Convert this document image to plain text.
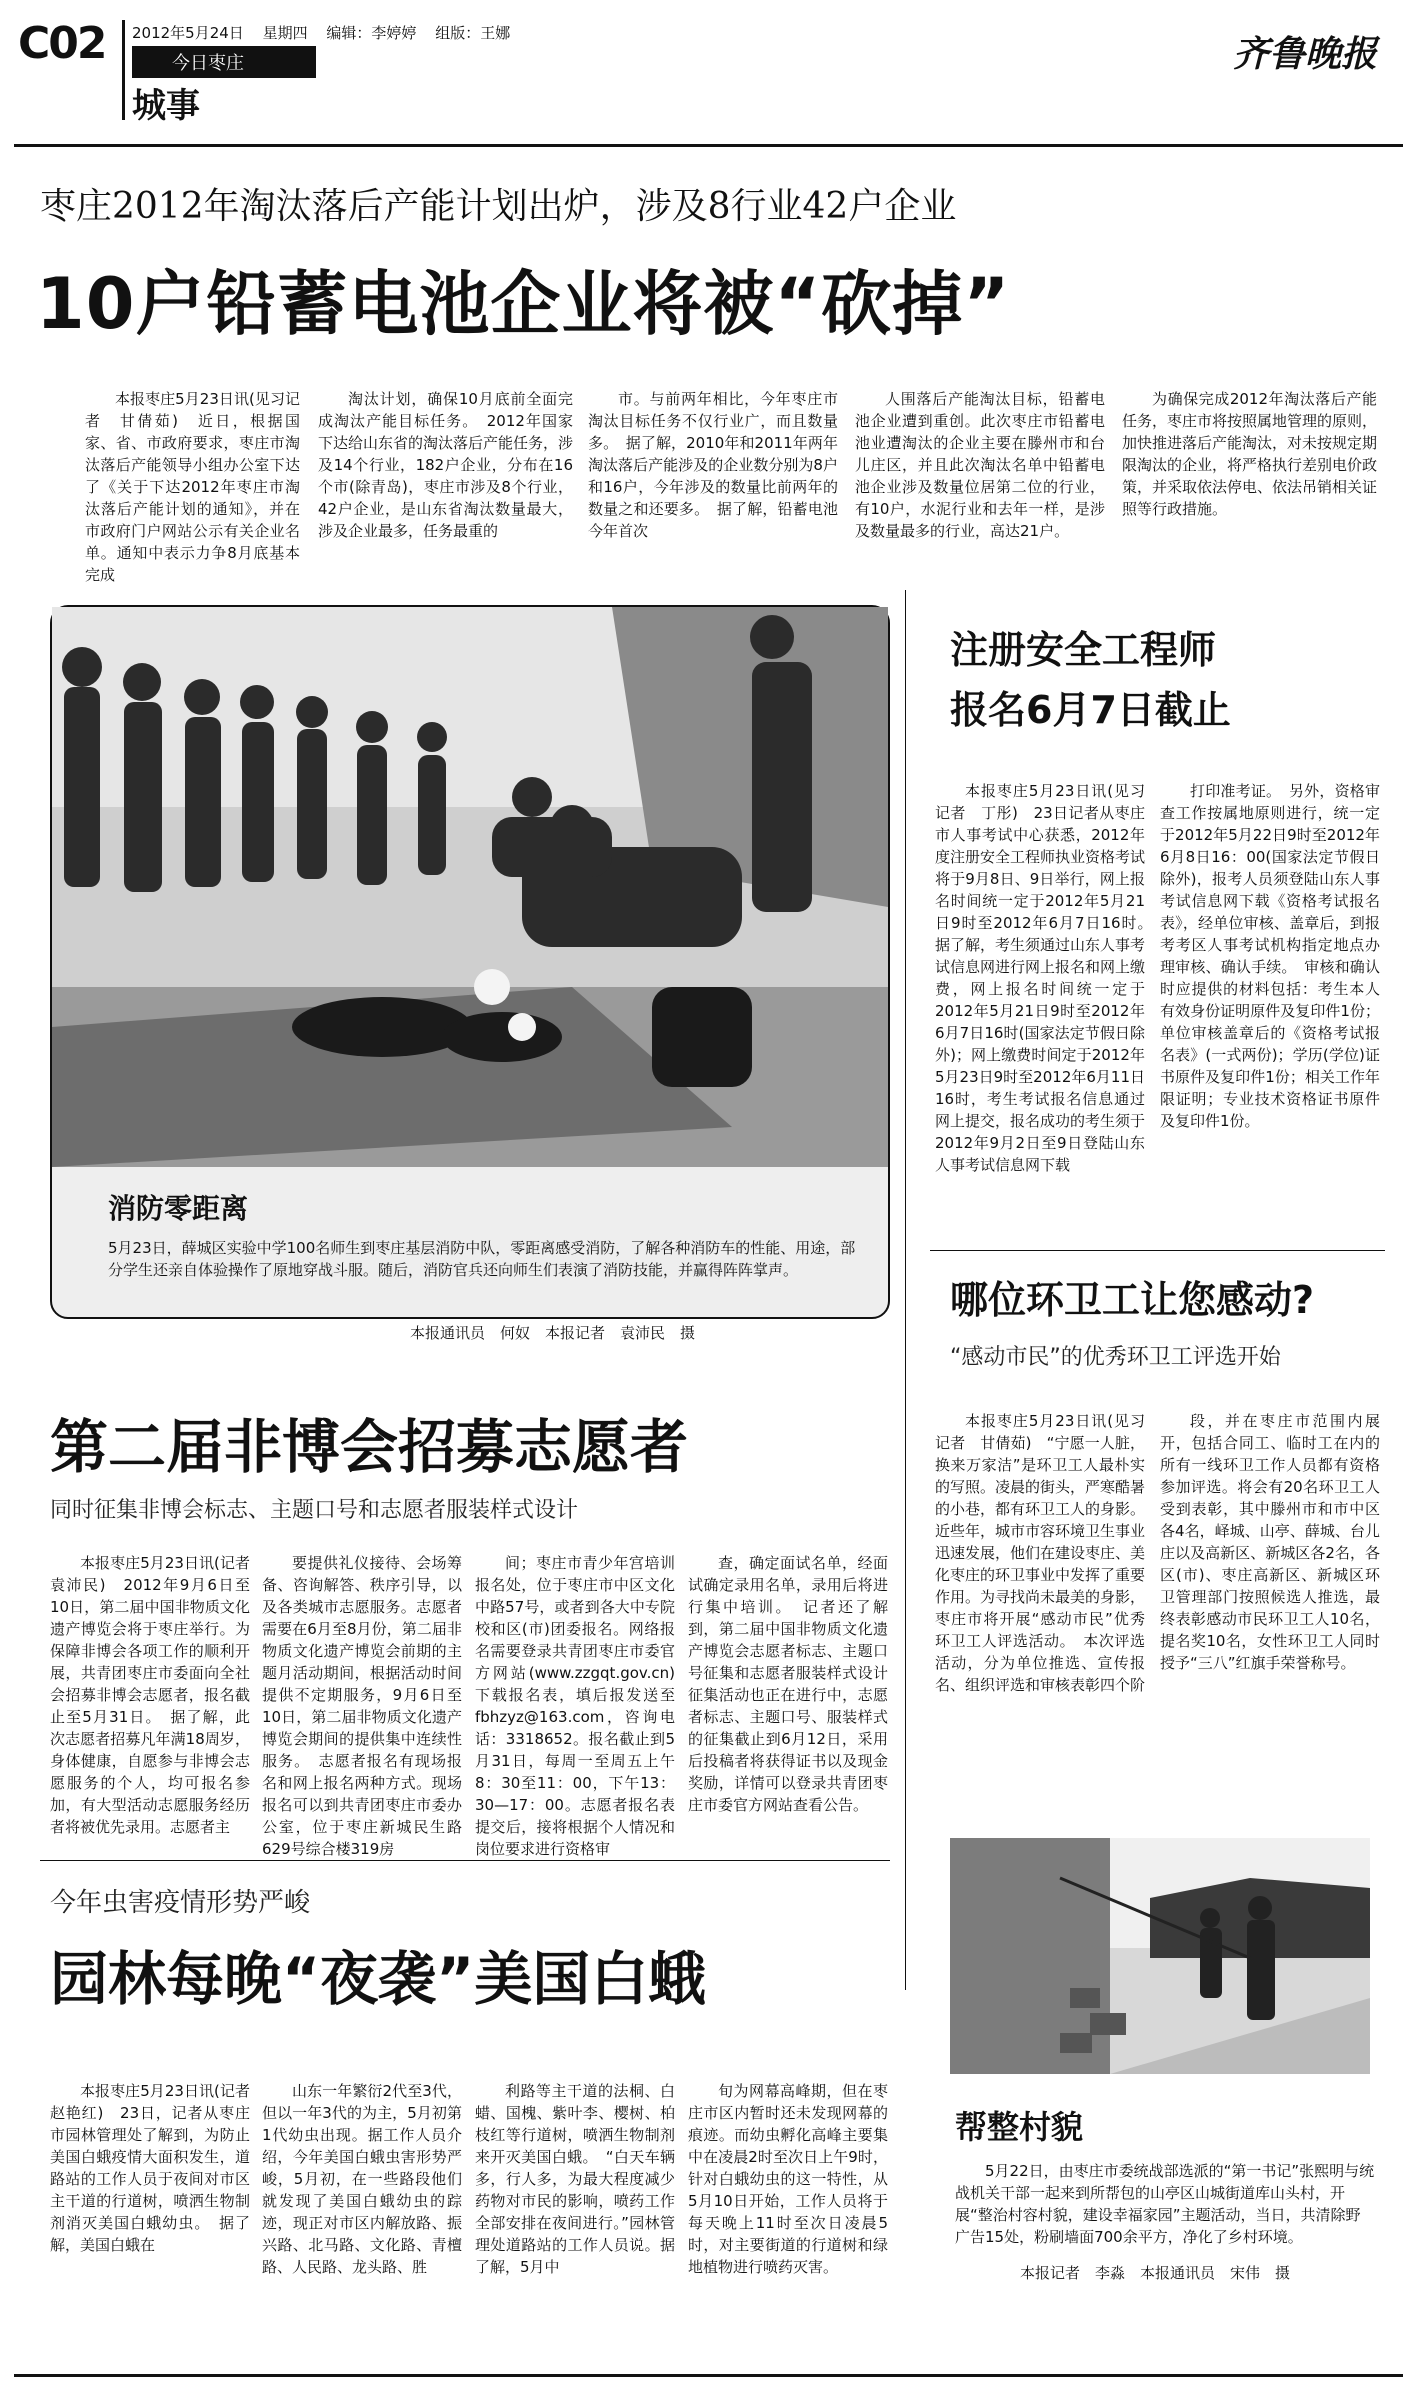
C02 2012年5月24日 星期四 编辑：李婷婷 组版：王娜
今日枣庄
城事
齐鲁晚报
枣庄2012年淘汰落后产能计划出炉，涉及8行业42户企业
10户铅蓄电池企业将被“砍掉”

本报枣庄5月23日讯(见习记者　甘倩茹)　近日，根据国家、省、市政府要求，枣庄市淘汰落后产能领导小组办公室下达了《关于下达2012年枣庄市淘汰落后产能计划的通知》，并在市政府门户网站公示有关企业名单。通知中表示力争8月底基本完成

淘汰计划，确保10月底前全面完成淘汰产能目标任务。　2012年国家下达给山东省的淘汰落后产能任务，涉及14个行业，182户企业，分布在16个市(除青岛)，枣庄市涉及8个行业，42户企业，是山东省淘汰数量最大，涉及企业最多，任务最重的

市。与前两年相比，今年枣庄市淘汰目标任务不仅行业广，而且数量多。　据了解，2010年和2011年两年淘汰落后产能涉及的企业数分别为8户和16户，今年涉及的数量比前两年的数量之和还要多。　据了解，铅蓄电池今年首次

人围落后产能淘汰目标，铅蓄电池企业遭到重创。此次枣庄市铅蓄电池业遭淘汰的企业主要在滕州市和台儿庄区，并且此次淘汰名单中铅蓄电池企业涉及数量位居第二位的行业，有10户，水泥行业和去年一样，是涉及数量最多的行业，高达21户。

为确保完成2012年淘汰落后产能任务，枣庄市将按照属地管理的原则，加快推进落后产能淘汰，对未按规定期限淘汰的企业，将严格执行差别电价政策，并采取依法停电、依法吊销相关证照等行政措施。

消防零距离
5月23日，薛城区实验中学100名师生到枣庄基层消防中队，零距离感受消防，了解各种消防车的性能、用途，部分学生还亲自体验操作了原地穿战斗服。随后，消防官兵还向师生们表演了消防技能，并赢得阵阵掌声。
本报通讯员　何奴　本报记者　袁沛民　摄
第二届非博会招募志愿者
同时征集非博会标志、主题口号和志愿者服装样式设计

本报枣庄5月23日讯(记者　袁沛民)　2012年9月6日至10日，第二届中国非物质文化遗产博览会将于枣庄举行。为保障非博会各项工作的顺利开展，共青团枣庄市委面向全社会招募非博会志愿者，报名截止至5月31日。　据了解，此次志愿者招募凡年满18周岁，身体健康，自愿参与非博会志愿服务的个人，均可报名参加，有大型活动志愿服务经历者将被优先录用。志愿者主

要提供礼仪接待、会场筹备、咨询解答、秩序引导，以及各类城市志愿服务。志愿者需要在6月至8月份，第二届非物质文化遗产博览会前期的主题月活动期间，根据活动时间提供不定期服务，9月6日至10日，第二届非物质文化遗产博览会期间的提供集中连续性服务。　志愿者报名有现场报名和网上报名两种方式。现场报名可以到共青团枣庄市委办公室，位于枣庄新城民生路629号综合楼319房

间；枣庄市青少年宫培训报名处，位于枣庄市中区文化中路57号，或者到各大中专院校和区(市)团委报名。网络报名需要登录共青团枣庄市委官方网站(www.zzgqt.gov.cn)下载报名表，填后报发送至fbhzyz@163.com，咨询电话：3318652。报名截止到5月31日，每周一至周五上午8：30至11：00，下午13：30—17：00。志愿者报名表提交后，接将根据个人情况和岗位要求进行资格审

查，确定面试名单，经面试确定录用名单，录用后将进行集中培训。　记者还了解到，第二届中国非物质文化遗产博览会志愿者标志、主题口号征集和志愿者服装样式设计征集活动也正在进行中，志愿者标志、主题口号、服装样式的征集截止到6月12日，采用后投稿者将获得证书以及现金奖励，详情可以登录共青团枣庄市委官方网站查看公告。

今年虫害疫情形势严峻
园林每晚“夜袭”美国白蛾

本报枣庄5月23日讯(记者　赵艳红)　23日，记者从枣庄市园林管理处了解到，为防止美国白蛾疫情大面积发生，道路站的工作人员于夜间对市区主干道的行道树，喷洒生物制剂消灭美国白蛾幼虫。　据了解，美国白蛾在

山东一年繁衍2代至3代，但以一年3代的为主，5月初第1代幼虫出现。据工作人员介绍，今年美国白蛾虫害形势严峻，5月初，在一些路段他们就发现了美国白蛾幼虫的踪迹，现正对市区内解放路、振兴路、北马路、文化路、青檀路、人民路、龙头路、胜

利路等主干道的法桐、白蜡、国槐、紫叶李、樱树、柏枝红等行道树，喷洒生物制剂来开灭美国白蛾。　“白天车辆多，行人多，为最大程度减少药物对市民的影响，喷药工作全部安排在夜间进行。”园林管理处道路站的工作人员说。据了解，5月中

旬为网幕高峰期，但在枣庄市区内暂时还未发现网幕的痕迹。而幼虫孵化高峰主要集中在凌晨2时至次日上午9时，针对白蛾幼虫的这一特性，从5月10日开始，工作人员将于每天晚上11时至次日凌晨5时，对主要街道的行道树和绿地植物进行喷药灭害。

注册安全工程师
报名6月7日截止

本报枣庄5月23日讯(见习记者　丁彤)　23日记者从枣庄市人事考试中心获悉，2012年度注册安全工程师执业资格考试将于9月8日、9日举行，网上报名时间统一定于2012年5月21日9时至2012年6月7日16时。　据了解，考生须通过山东人事考试信息网进行网上报名和网上缴费，网上报名时间统一定于2012年5月21日9时至2012年6月7日16时(国家法定节假日除外)；网上缴费时间定于2012年5月23日9时至2012年6月11日16时，考生考试报名信息通过网上提交，报名成功的考生须于2012年9月2日至9日登陆山东人事考试信息网下载

打印准考证。　另外，资格审查工作按属地原则进行，统一定于2012年5月22日9时至2012年6月8日16：00(国家法定节假日除外)，报考人员须登陆山东人事考试信息网下载《资格考试报名表》，经单位审核、盖章后，到报考考区人事考试机构指定地点办理审核、确认手续。　审核和确认时应提供的材料包括：考生本人有效身份证明原件及复印件1份；单位审核盖章后的《资格考试报名表》(一式两份)；学历(学位)证书原件及复印件1份；相关工作年限证明；专业技术资格证书原件及复印件1份。

哪位环卫工让您感动?
“感动市民”的优秀环卫工评选开始

本报枣庄5月23日讯(见习记者　甘倩茹)　“宁愿一人脏，换来万家洁”是环卫工人最朴实的写照。凌晨的街头，严寒酷暑的小巷，都有环卫工人的身影。近些年，城市市容环境卫生事业迅速发展，他们在建设枣庄、美化枣庄的环卫事业中发挥了重要作用。为寻找尚未最美的身影，枣庄市将开展“感动市民”优秀环卫工人评选活动。　本次评选活动，分为单位推选、宣传报名、组织评选和审核表彰四个阶

段，并在枣庄市范围内展开，包括合同工、临时工在内的所有一线环卫工作人员都有资格参加评选。将会有20名环卫工人受到表彰，其中滕州市和市中区各4名，峄城、山亭、薛城、台儿庄以及高新区、新城区各2名，各区(市)、枣庄高新区、新城区环卫管理部门按照候选人推选，最终表彰感动市民环卫工人10名，提名奖10名，女性环卫工人同时授予“三八”红旗手荣誉称号。

帮整村貌
5月22日，由枣庄市委统战部选派的“第一书记”张熙明与统战机关干部一起来到所帮包的山亭区山城街道库山头村，开展“整治村容村貌，建设幸福家园”主题活动，当日，共清除野广告15处，粉刷墙面700余平方，净化了乡村环境。
本报记者　李淼　本报通讯员　宋伟　摄
